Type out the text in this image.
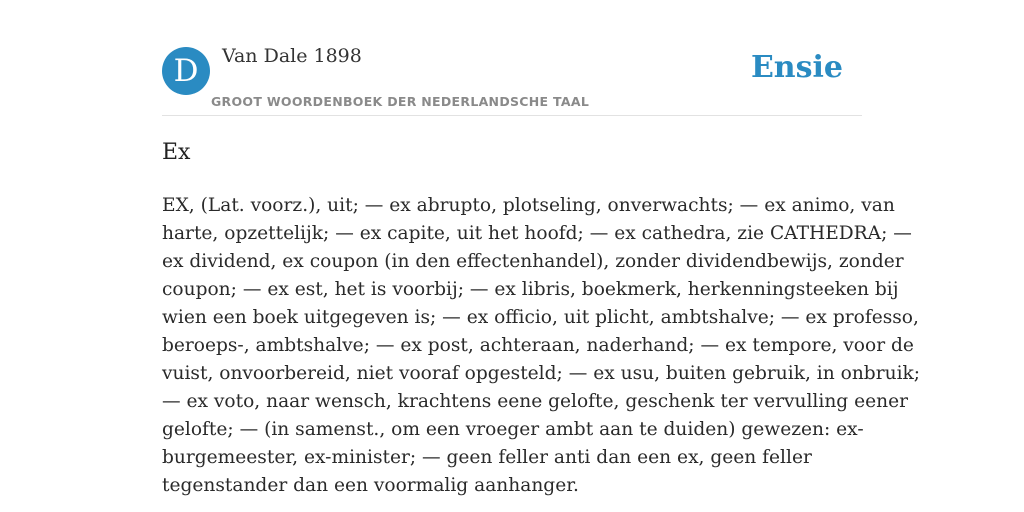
D	Van Dale 1898
GROOT WOORDENBOEK DER NEDERLANDSCHE TAAL
Ensie
Ex
EX, (Lat. voorz.), uit; — ex abrupto, plotseling, onverwachts; — ex animo, van
harte, opzettelijk; — ex capite, uit het hoofd; — ex cathedra, zie CATHEDRA; —
ex dividend, ex coupon (in den effectenhandel), zonder dividendbewijs, zonder
coupon; — ex est, het is voorbij; — ex libris, boekmerk, herkenningsteeken bij
wien een boek uitgegeven is; — ex officio, uit plicht, ambtshalve; — ex professo,
beroeps-, ambtshalve; — ex post, achteraan, naderhand; — ex tempore, voor de
vuist, onvoorbereid, niet vooraf opgesteld; — ex usu, buiten gebruik, in onbruik;
— ex voto, naar wensch, krachtens eene gelofte, geschenk ter vervulling eener
gelofte; — (in samenst., om een vroeger ambt aan te duiden) gewezen: ex-
burgemeester, ex-minister; — geen feller anti dan een ex, geen feller
tegenstander dan een voormalig aanhanger.
